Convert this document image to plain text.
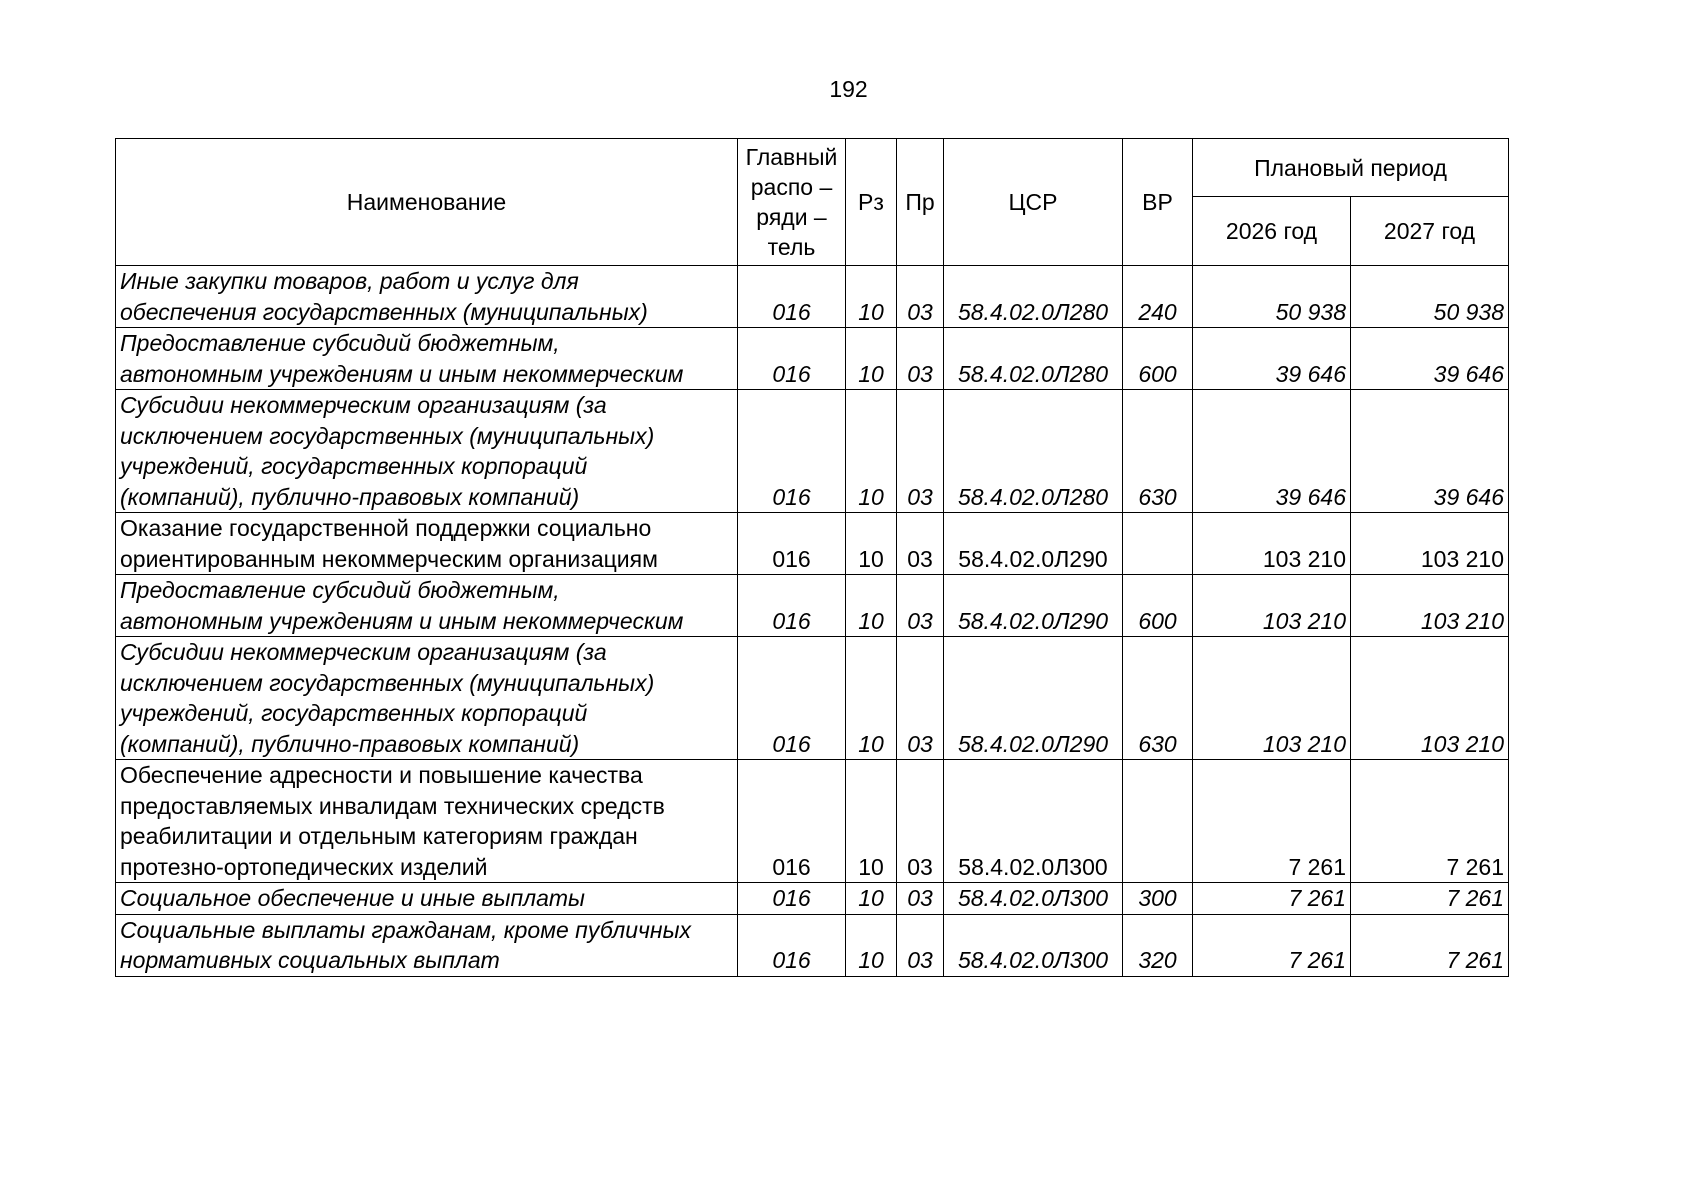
192
Наименование	Главный
распо –
ряди –
тель	Рз	Пр	ЦСР	ВР	Плановый период	
						2026 год	2027 год

Иные закупки товаров, работ и услуг для
обеспечения государственных (муниципальных)	016	10	03	58.4.02.0Л280	240	50 938	50 938

Предоставление субсидий бюджетным,
автономным учреждениям и иным некоммерческим	016	10	03	58.4.02.0Л280	600	39 646	39 646

Субсидии некоммерческим организациям (за
исключением государственных (муниципальных)
учреждений, государственных корпораций
(компаний), публично-правовых компаний)	016	10	03	58.4.02.0Л280	630	39 646	39 646

Оказание государственной поддержки социально
ориентированным некоммерческим организациям	016	10	03	58.4.02.0Л290		103 210	103 210

Предоставление субсидий бюджетным,
автономным учреждениям и иным некоммерческим	016	10	03	58.4.02.0Л290	600	103 210	103 210

Субсидии некоммерческим организациям (за
исключением государственных (муниципальных)
учреждений, государственных корпораций
(компаний), публично-правовых компаний)	016	10	03	58.4.02.0Л290	630	103 210	103 210

Обеспечение адресности и повышение качества
предоставляемых инвалидам технических средств
реабилитации и отдельным категориям граждан
протезно-ортопедических изделий	016	10	03	58.4.02.0Л300		7 261	7 261

Социальное обеспечение и иные выплаты	016	10	03	58.4.02.0Л300	300	7 261	7 261

Социальные выплаты гражданам, кроме публичных
нормативных социальных выплат	016	10	03	58.4.02.0Л300	320	7 261	7 261
